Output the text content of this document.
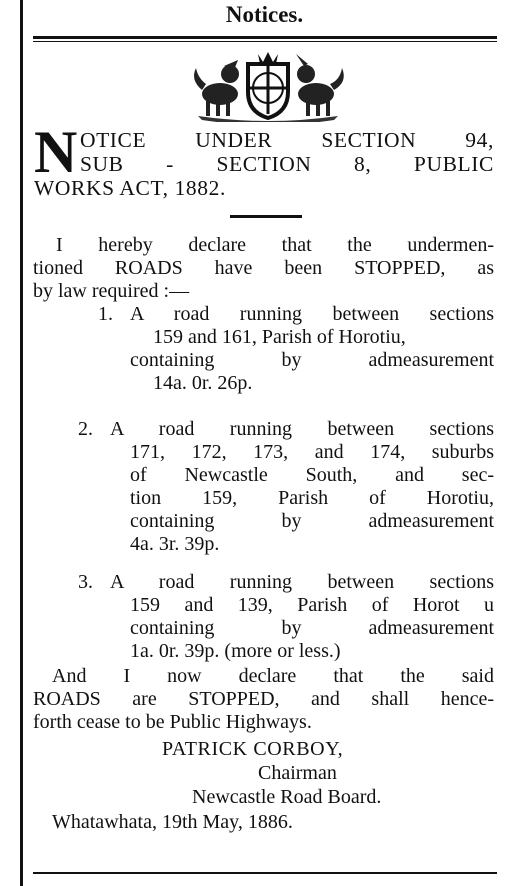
Notices.
N OTICE UNDER SECTION 94,
SUB - SECTION 8, PUBLIC
WORKS ACT, 1882.
I hereby declare that the undermen-
tioned ROADS have been STOPPED, as
by law required :—
1. A road running between sections
159 and 161, Parish of Horotiu,
containing by admeasurement
14a. 0r. 26p.
2. A road running between sections
171, 172, 173, and 174, suburbs
of Newcastle South, and sec-
tion 159, Parish of Horotiu,
containing by admeasurement
4a. 3r. 39p.
3. A road running between sections
159 and 139, Parish of Horot u
containing by admeasurement
1a. 0r. 39p. (more or less.)
And I now declare that the said
ROADS are STOPPED, and shall hence-
forth cease to be Public Highways.
PATRICK CORBOY,
Chairman
Newcastle Road Board.
Whatawhata, 19th May, 1886.
